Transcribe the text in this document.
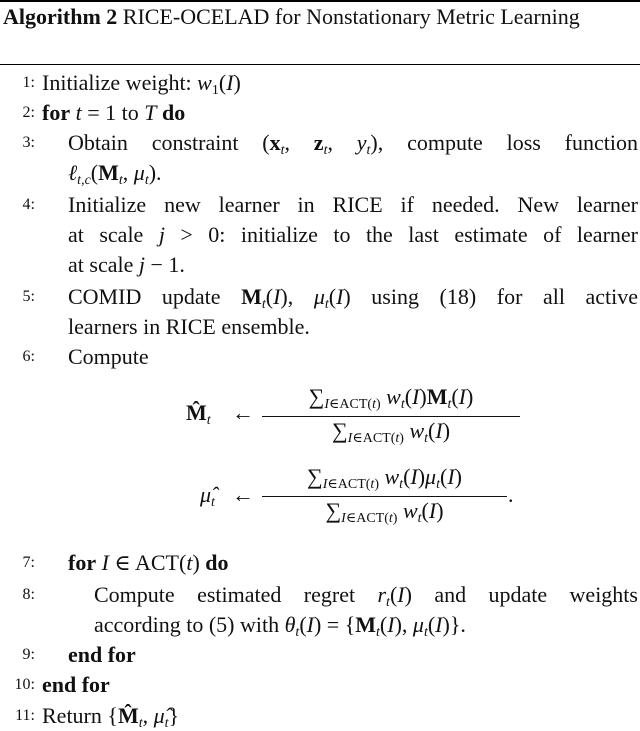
Algorithm 2 RICE-OCELAD for Nonstationary Metric Learning
1: Initialize weight: $w_1(I)$
2: for t = 1 to T do
3: Obtain constraint ($x_t$, $z_t$, $y_t$), compute loss function
$\ell_{t,c}(M_t$, $\mu_t$).
4: Initialize new learner in RICE if needed. New learner
at scale j > 0: initialize to the last estimate of learner
at scale j − 1.
5: COMID update $M_t(I)$, $\mu_t(I)$ using (18) for all active
learners in RICE ensemble.
6: Compute
$M̂_t$ ←
$\sum_{I\in ACT(t)}$ $w_t(I)M_t(I)$
$\sum_{I\in ACT(t)}$ $w_t(I)$
$\mû_t$ ←
$\sum_{I\in ACT(t)}$ $w_t(I)\mu_t(I)$
$\sum_{I\in ACT(t)}$ $w_t(I)$
.
7: for I ∈ ACT(t) do
8:	Compute estimated regret $r_t(I)$ and update weights
according to (5) with $\theta_t(I) = \{M_t(I)$, $\mu_t(I)$}.
9: end for
10: end for
11: Return {$M̂_t$, $\mû_t$}
